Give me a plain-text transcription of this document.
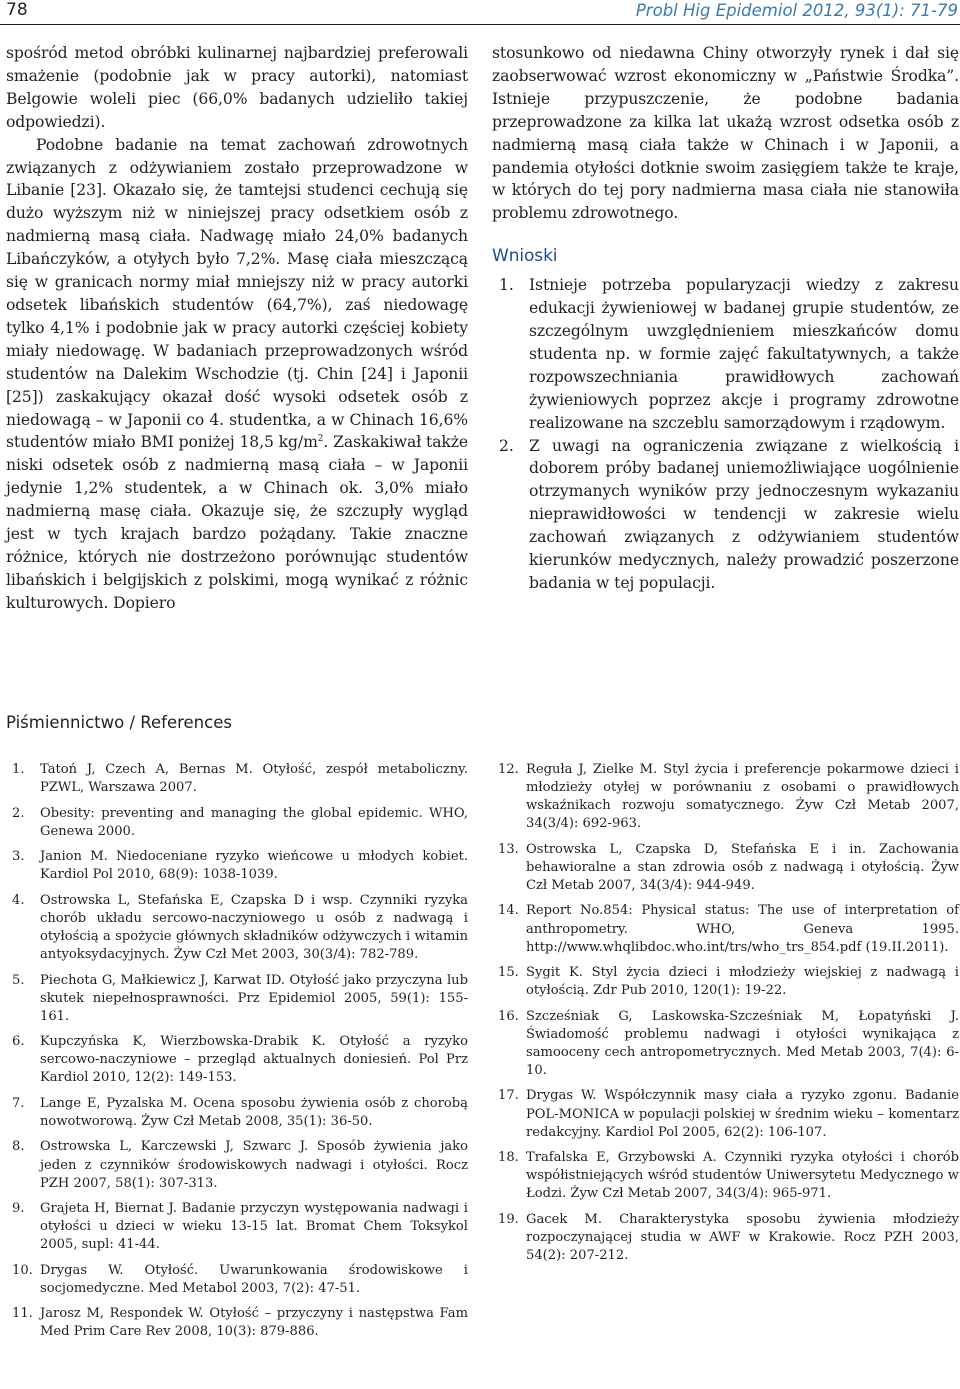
78	Probl Hig Epidemiol 2012, 93(1): 71-79

spośród metod obróbki kulinarnej najbardziej preferowali smażenie (podobnie jak w pracy autorki), natomiast Belgowie woleli piec (66,0% badanych udzieliło takiej odpowiedzi).

Podobne badanie na temat zachowań zdrowotnych związanych z odżywianiem zostało przeprowadzone w Libanie [23]. Okazało się, że tamtejsi studenci cechują się dużo wyższym niż w niniejszej pracy odsetkiem osób z nadmierną masą ciała. Nadwagę miało 24,0% badanych Libańczyków, a otyłych było 7,2%. Masę ciała mieszczącą się w granicach normy miał mniejszy niż w pracy autorki odsetek libańskich studentów (64,7%), zaś niedowagę tylko 4,1% i podobnie jak w pracy autorki częściej kobiety miały niedowagę. W badaniach przeprowadzonych wśród studentów na Dalekim Wschodzie (tj. Chin [24] i Japonii [25]) zaskakujący okazał dość wysoki odsetek osób z niedowagą – w Japonii co 4. studentka, a w Chinach 16,6% studentów miało BMI poniżej 18,5 $kg/m^2$. Zaskakiwał także niski odsetek osób z nadmierną masą ciała – w Japonii jedynie 1,2% studentek, a w Chinach ok. 3,0% miało nadmierną masę ciała. Okazuje się, że szczupły wygląd jest w tych krajach bardzo pożądany. Takie znaczne różnice, których nie dostrzeżono porównując studentów libańskich i belgijskich z polskimi, mogą wynikać z różnic kulturowych. Dopiero

stosunkowo od niedawna Chiny otworzyły rynek i dał się zaobserwować wzrost ekonomiczny w „Państwie Środka”. Istnieje przypuszczenie, że podobne badania przeprowadzone za kilka lat ukażą wzrost odsetka osób z nadmierną masą ciała także w Chinach i w Japonii, a pandemia otyłości dotknie swoim zasięgiem także te kraje, w których do tej pory nadmierna masa ciała nie stanowiła problemu zdrowotnego.

Wnioski
1. Istnieje potrzeba popularyzacji wiedzy z zakresu edukacji żywieniowej w badanej grupie studentów, ze szczególnym uwzględnieniem mieszkańców domu studenta np. w formie zajęć fakultatywnych, a także rozpowszechniania prawidłowych zachowań żywieniowych poprzez akcje i programy zdrowotne realizowane na szczeblu samorządowym i rządowym.
2. Z uwagi na ograniczenia związane z wielkością i doborem próby badanej uniemożliwiające uogólnienie otrzymanych wyników przy jednoczesnym wykazaniu nieprawidłowości w tendencji w zakresie wielu zachowań związanych z odżywianiem studentów kierunków medycznych, należy prowadzić poszerzone badania w tej populacji.
Piśmiennictwo / References
1. Tatoń J, Czech A, Bernas M. Otyłość, zespół metaboliczny. PZWL, Warszawa 2007.
2. Obesity: preventing and managing the global epidemic. WHO, Genewa 2000.
3. Janion M. Niedoceniane ryzyko wieńcowe u młodych kobiet. Kardiol Pol 2010, 68(9): 1038-1039.
4. Ostrowska L, Stefańska E, Czapska D i wsp. Czynniki ryzyka chorób układu sercowo-naczyniowego u osób z nadwagą i otyłością a spożycie głównych składników odżywczych i witamin antyoksydacyjnych. Żyw Czł Met 2003, 30(3/4): 782-789.
5. Piechota G, Małkiewicz J, Karwat ID. Otyłość jako przyczyna lub skutek niepełnosprawności. Prz Epidemiol 2005, 59(1): 155-161.
6. Kupczyńska K, Wierzbowska-Drabik K. Otyłość a ryzyko sercowo-naczyniowe – przegląd aktualnych doniesień. Pol Prz Kardiol 2010, 12(2): 149-153.
7. Lange E, Pyzalska M. Ocena sposobu żywienia osób z chorobą nowotworową. Żyw Czł Metab 2008, 35(1): 36-50.
8. Ostrowska L, Karczewski J, Szwarc J. Sposób żywienia jako jeden z czynników środowiskowych nadwagi i otyłości. Rocz PZH 2007, 58(1): 307-313.
9. Grajeta H, Biernat J. Badanie przyczyn występowania nadwagi i otyłości u dzieci w wieku 13-15 lat. Bromat Chem Toksykol 2005, supl: 41-44.
10. Drygas W. Otyłość. Uwarunkowania środowiskowe i socjomedyczne. Med Metabol 2003, 7(2): 47-51.
11. Jarosz M, Respondek W. Otyłość – przyczyny i następstwa Fam Med Prim Care Rev 2008, 10(3): 879-886.
12. Reguła J, Zielke M. Styl życia i preferencje pokarmowe dzieci i młodzieży otyłej w porównaniu z osobami o prawidłowych wskaźnikach rozwoju somatycznego. Żyw Czł Metab 2007, 34(3/4): 692-963.
13. Ostrowska L, Czapska D, Stefańska E i in. Zachowania behawioralne a stan zdrowia osób z nadwagą i otyłością. Żyw Czł Metab 2007, 34(3/4): 944-949.
14. Report No.854: Physical status: The use of interpretation of anthropometry. WHO, Geneva 1995. http://www.whqlibdoc.who.int/trs/who_trs_854.pdf (19.II.2011).
15. Sygit K. Styl życia dzieci i młodzieży wiejskiej z nadwagą i otyłością. Zdr Pub 2010, 120(1): 19-22.
16. Szcześniak G, Laskowska-Szcześniak M, Łopatyński J. Świadomość problemu nadwagi i otyłości wynikająca z samooceny cech antropometrycznych. Med Metab 2003, 7(4): 6-10.
17. Drygas W. Współczynnik masy ciała a ryzyko zgonu. Badanie POL-MONICA w populacji polskiej w średnim wieku – komentarz redakcyjny. Kardiol Pol 2005, 62(2): 106-107.
18. Trafalska E, Grzybowski A. Czynniki ryzyka otyłości i chorób współistniejących wśród studentów Uniwersytetu Medycznego w Łodzi. Żyw Czł Metab 2007, 34(3/4): 965-971.
19. Gacek M. Charakterystyka sposobu żywienia młodzieży rozpoczynającej studia w AWF w Krakowie. Rocz PZH 2003, 54(2): 207-212.
